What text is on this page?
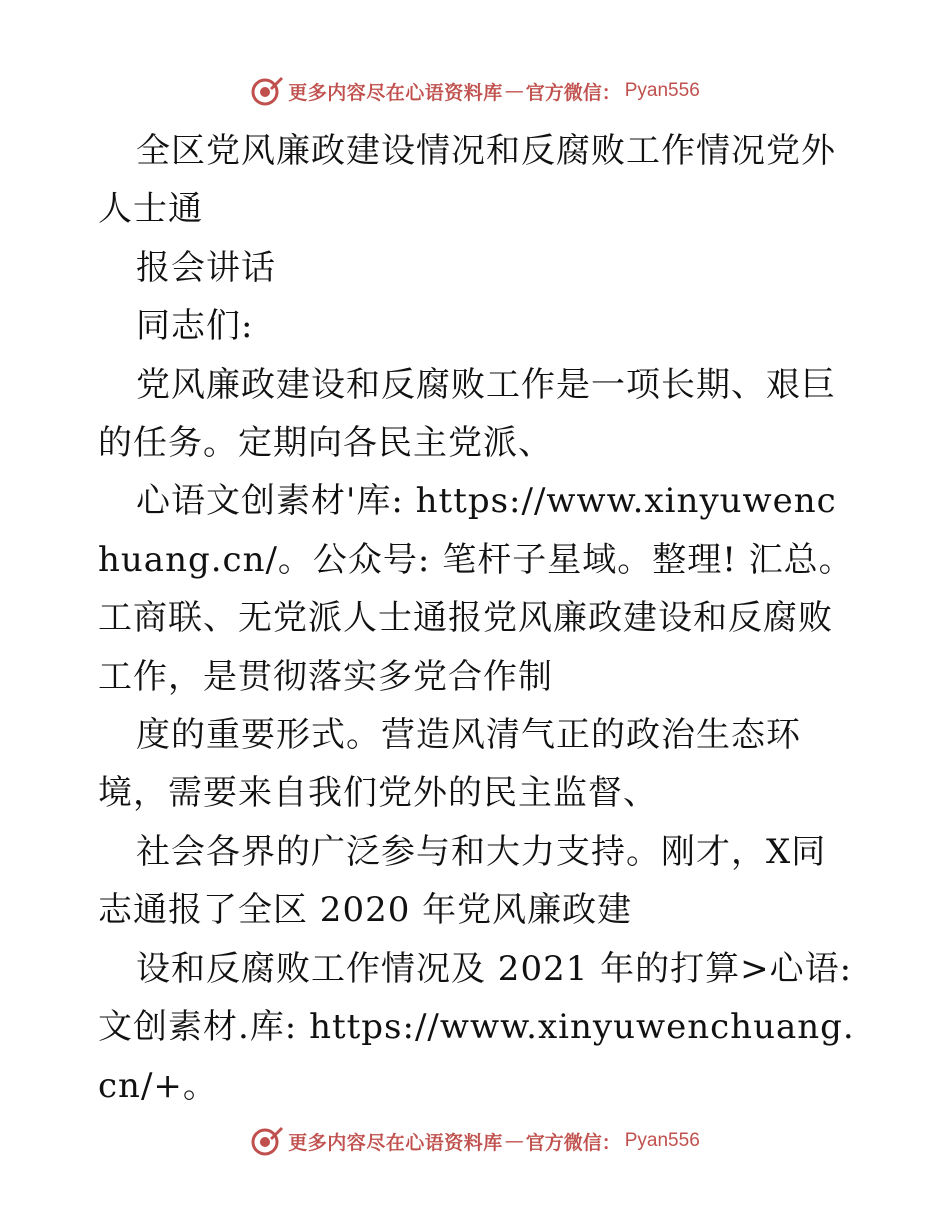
更多内容尽在心语资料库 — 官方微信： Pyan556

全区党风廉政建设情况和反腐败工作情况党外人士通

报会讲话

同志们:

党风廉政建设和反腐败工作是一项长期、艰巨的任务。定期向各民主党派、

心语文创素材'库: https://www.xinyuwenchuang.cn/。公众号: 笔杆子星域。整理! 汇总。工商联、无党派人士通报党风廉政建设和反腐败工作，是贯彻落实多党合作制

度的重要形式。营造风清气正的政治生态环境，需要来自我们党外的民主监督、

社会各界的广泛参与和大力支持。刚才，X同志通报了全区 2020 年党风廉政建

设和反腐败工作情况及 2021 年的打算>心语:文创素材.库: https://www.xinyuwenchuang.cn/+。

更多内容尽在心语资料库 — 官方微信： Pyan556
